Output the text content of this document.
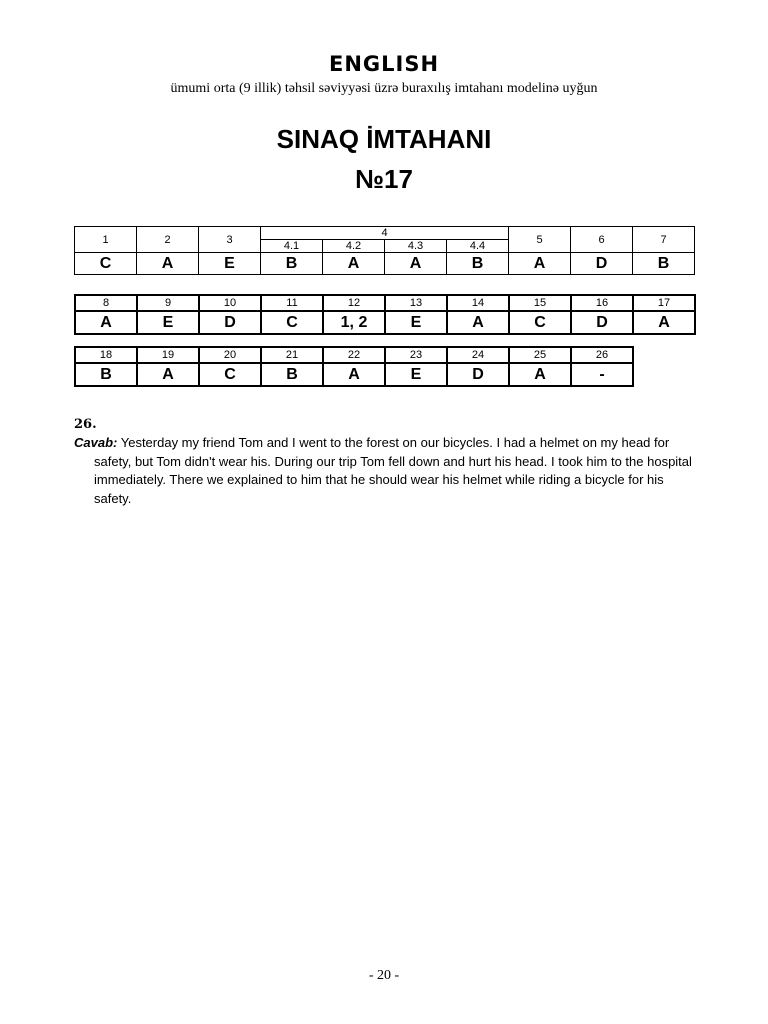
ENGLISH
ümumi orta (9 illik) təhsil səviyyəsi üzrə buraxılış imtahanı modelinə uyğun
SINAQ İMTAHANI
№17
1	2	3	4				5	6	7
			4.1	4.2	4.3	4.4			
C	A	E	B	A	A	B	A	D	B
8	9	10	11	12	13	14	15	16	17
A	E	D	C	1, 2	E	A	C	D	A
18	19	20	21	22	23	24	25	26
B	A	C	B	A	E	D	A	-
26.
Cavab: Yesterday my friend Tom and I went to the forest on our bicycles. I had a helmet on my head for safety, but Tom didn't wear his. During our trip Tom fell down and hurt his head. I took him to the hospital immediately. There we explained to him that he should wear his helmet while riding a bicycle for his safety.
- 20 -
